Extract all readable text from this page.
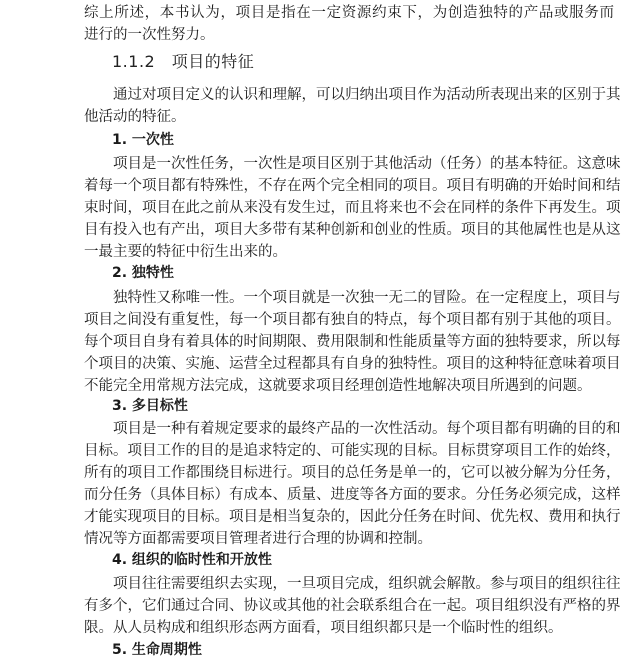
综上所述，本书认为，项目是指在一定资源约束下，为创造独特的产品或服务而
进行的一次性努力。
1.1.2　项目的特征
通过对项目定义的认识和理解，可以归纳出项目作为活动所表现出来的区别于其
他活动的特征。
1. 一次性
项目是一次性任务，一次性是项目区别于其他活动（任务）的基本特征。这意味
着每一个项目都有特殊性，不存在两个完全相同的项目。项目有明确的开始时间和结
束时间，项目在此之前从来没有发生过，而且将来也不会在同样的条件下再发生。项
目有投入也有产出，项目大多带有某种创新和创业的性质。项目的其他属性也是从这
一最主要的特征中衍生出来的。
2. 独特性
独特性又称唯一性。一个项目就是一次独一无二的冒险。在一定程度上，项目与
项目之间没有重复性，每一个项目都有独自的特点，每个项目都有别于其他的项目。
每个项目自身有着具体的时间期限、费用限制和性能质量等方面的独特要求，所以每
个项目的决策、实施、运营全过程都具有自身的独特性。项目的这种特征意味着项目
不能完全用常规方法完成，这就要求项目经理创造性地解决项目所遇到的问题。
3. 多目标性
项目是一种有着规定要求的最终产品的一次性活动。每个项目都有明确的目的和
目标。项目工作的目的是追求特定的、可能实现的目标。目标贯穿项目工作的始终，
所有的项目工作都围绕目标进行。项目的总任务是单一的，它可以被分解为分任务，
而分任务（具体目标）有成本、质量、进度等各方面的要求。分任务必须完成，这样
才能实现项目的目标。项目是相当复杂的，因此分任务在时间、优先权、费用和执行
情况等方面都需要项目管理者进行合理的协调和控制。
4. 组织的临时性和开放性
项目往往需要组织去实现，一旦项目完成，组织就会解散。参与项目的组织往往
有多个，它们通过合同、协议或其他的社会联系组合在一起。项目组织没有严格的界
限。从人员构成和组织形态两方面看，项目组织都只是一个临时性的组织。
5. 生命周期性
